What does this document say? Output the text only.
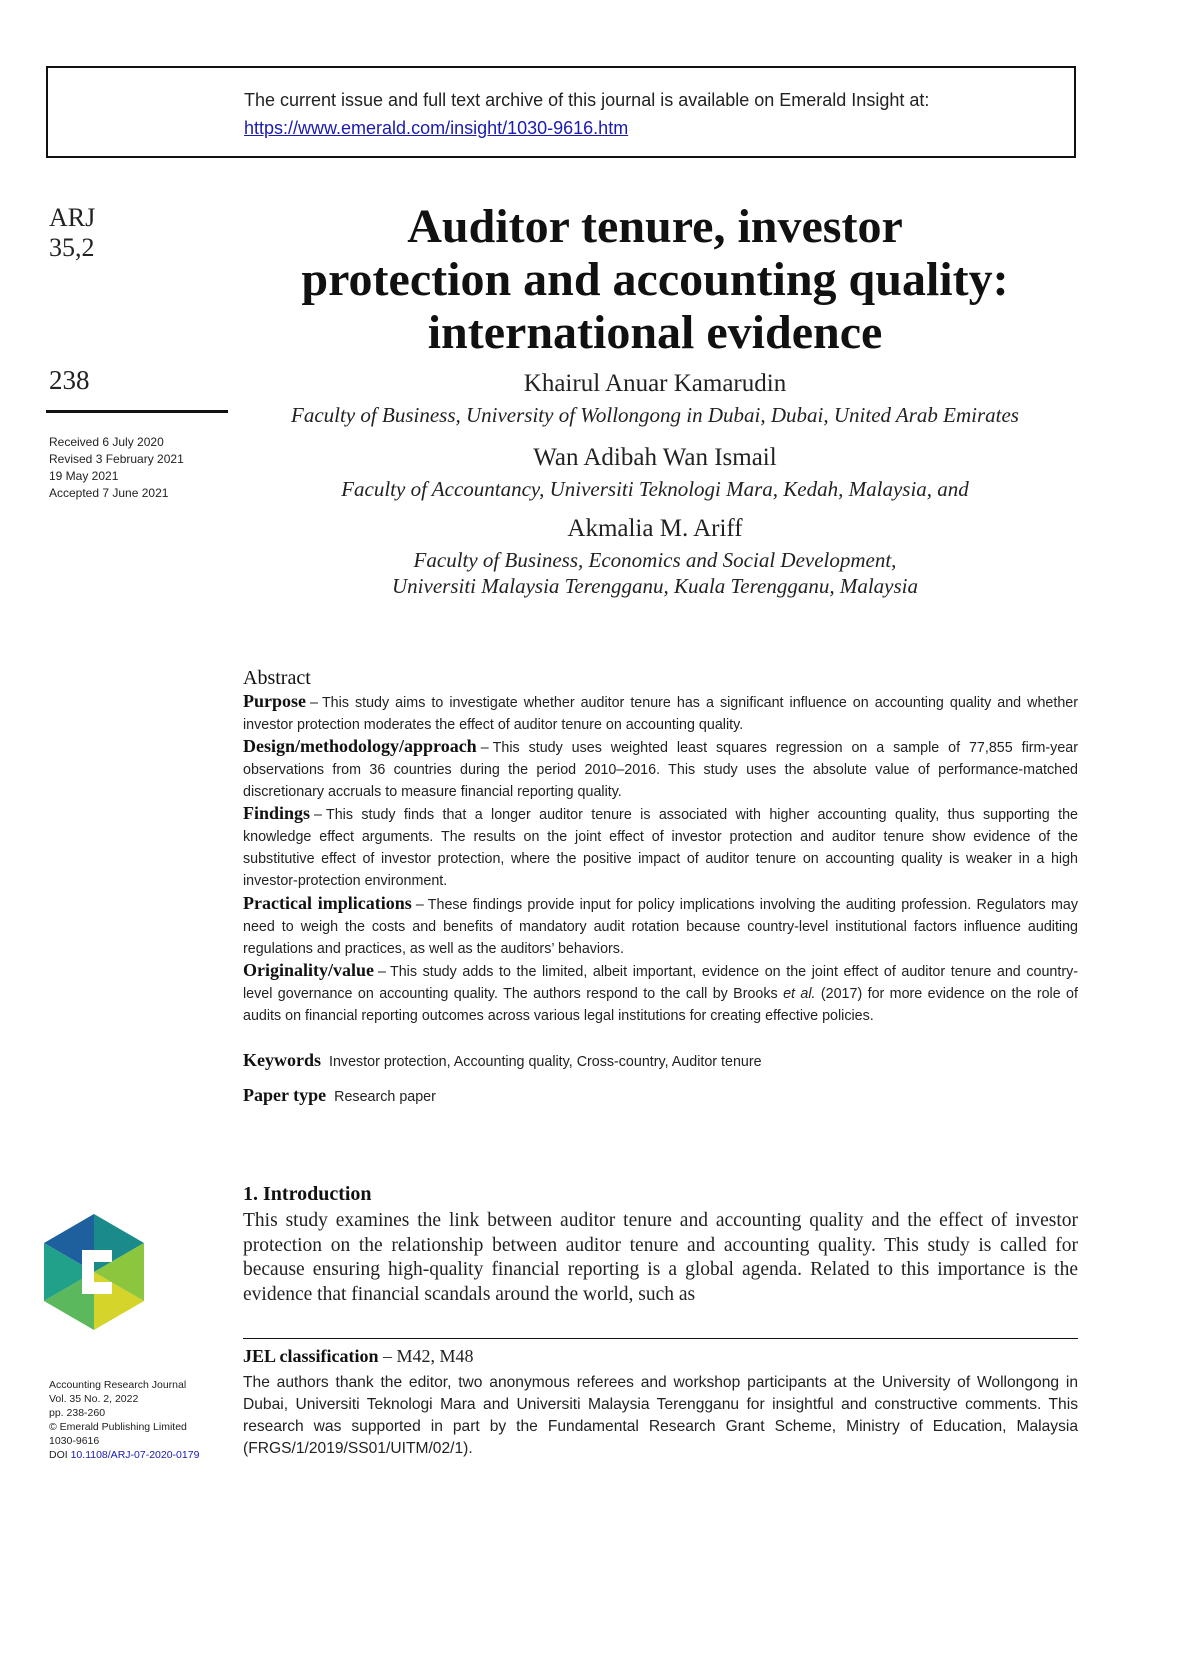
The current issue and full text archive of this journal is available on Emerald Insight at:
https://www.emerald.com/insight/1030-9616.htm
ARJ
35,2
238
Received 6 July 2020
Revised 3 February 2021
19 May 2021
Accepted 7 June 2021
Accounting Research Journal
Vol. 35 No. 2, 2022
pp. 238-260
© Emerald Publishing Limited
1030-9616
DOI 10.1108/ARJ-07-2020-0179
Auditor tenure, investor
protection and accounting quality:
international evidence
Khairul Anuar Kamarudin
Faculty of Business, University of Wollongong in Dubai, Dubai, United Arab Emirates
Wan Adibah Wan Ismail
Faculty of Accountancy, Universiti Teknologi Mara, Kedah, Malaysia, and
Akmalia M. Ariff
Faculty of Business, Economics and Social Development,
Universiti Malaysia Terengganu, Kuala Terengganu, Malaysia
Abstract
Purpose – This study aims to investigate whether auditor tenure has a significant influence on accounting quality and whether investor protection moderates the effect of auditor tenure on accounting quality.
Design/methodology/approach – This study uses weighted least squares regression on a sample of 77,855 firm-year observations from 36 countries during the period 2010–2016. This study uses the absolute value of performance-matched discretionary accruals to measure financial reporting quality.
Findings – This study finds that a longer auditor tenure is associated with higher accounting quality, thus supporting the knowledge effect arguments. The results on the joint effect of investor protection and auditor tenure show evidence of the substitutive effect of investor protection, where the positive impact of auditor tenure on accounting quality is weaker in a high investor-protection environment.
Practical implications – These findings provide input for policy implications involving the auditing profession. Regulators may need to weigh the costs and benefits of mandatory audit rotation because country-level institutional factors influence auditing regulations and practices, as well as the auditors’ behaviors.
Originality/value – This study adds to the limited, albeit important, evidence on the joint effect of auditor tenure and country-level governance on accounting quality. The authors respond to the call by Brooks et al. (2017) for more evidence on the role of audits on financial reporting outcomes across various legal institutions for creating effective policies.
Keywords Investor protection, Accounting quality, Cross-country, Auditor tenure
Paper type Research paper
1. Introduction
This study examines the link between auditor tenure and accounting quality and the effect of investor protection on the relationship between auditor tenure and accounting quality. This study is called for because ensuring high-quality financial reporting is a global agenda. Related to this importance is the evidence that financial scandals around the world, such as
JEL classification – M42, M48
The authors thank the editor, two anonymous referees and workshop participants at the University of Wollongong in Dubai, Universiti Teknologi Mara and Universiti Malaysia Terengganu for insightful and constructive comments. This research was supported in part by the Fundamental Research Grant Scheme, Ministry of Education, Malaysia (FRGS/1/2019/SS01/UITM/02/1).
